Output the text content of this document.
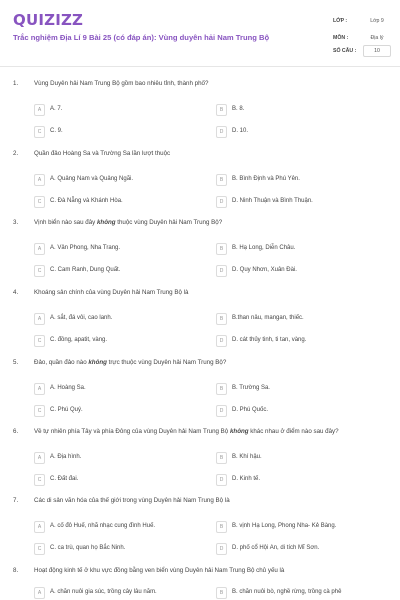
QUIZIZZ
Trắc nghiệm Địa Lí 9 Bài 25 (có đáp án): Vùng duyên hải Nam Trung Bộ
LỚP :	Lớp 9
MÔN :	Địa lý
SỐ CÂU :	10
1.	Vùng Duyên hải Nam Trung Bộ gồm bao nhiêu tỉnh, thành phố?
A	A. 7.	B	B. 8.
C	C. 9.	D	D. 10.
2.	Quần đảo Hoàng Sa và Trường Sa lần lượt thuộc
A	A. Quảng Nam và Quảng Ngãi.	B	B. Bình Định và Phú Yên.
C	C. Đà Nẵng và Khánh Hòa.	D	D. Ninh Thuận và Bình Thuận.
3.	Vịnh biển nào sau đây không thuộc vùng Duyên hải Nam Trung Bộ?
A	A. Vân Phong, Nha Trang.	B	B. Hạ Long, Diễn Châu.
C	C. Cam Ranh, Dung Quất.	D	D. Quy Nhơn, Xuân Đài.
4.	Khoáng sản chính của vùng Duyên hải Nam Trung Bộ là
A	A. sắt, đá vôi, cao lanh.	B	B.than nâu, mangan, thiếc.
C	C. đồng, apatit, vàng.	D	D. cát thủy tinh, ti tan, vàng.
5.	Đảo, quần đảo nào không trực thuộc vùng Duyên hải Nam Trung Bộ?
A	A. Hoàng Sa.	B	B. Trường Sa.
C	C. Phú Quý.	D	D. Phú Quốc.
6.	Về tự nhiên phía Tây và phía Đông của vùng Duyên hải Nam Trung Bộ không khác nhau ở điểm nào sau đây?
A	A. Địa hình.	B	B. Khí hậu.
C	C. Đất đai.	D	D. Kinh tế.
7.	Các di sản văn hóa của thế giới trong vùng Duyên hải Nam Trung Bộ là
A	A. cố đô Huế, nhã nhạc cung đình Huế.	B	B. vịnh Hạ Long, Phong Nha- Kẻ Bàng.
C	C. ca trù, quan họ Bắc Ninh.	D	D. phố cổ Hội An, di tích Mĩ Sơn.
8.	Hoạt động kinh tế ở khu vực đồng bằng ven biển vùng Duyên hải Nam Trung Bộ chủ yếu là
A	A. chăn nuôi gia súc, trồng cây lâu năm.	B	B. chăn nuôi bò, nghề rừng, trồng cà phê
